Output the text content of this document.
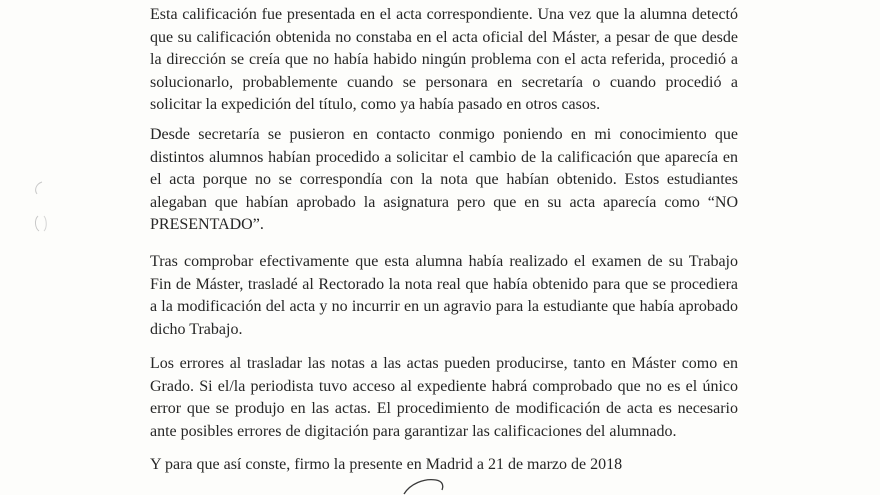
Esta calificación fue presentada en el acta correspondiente. Una vez que la alumna detectó que su calificación obtenida no constaba en el acta oficial del Máster, a pesar de que desde la dirección se creía que no había habido ningún problema con el acta referida, procedió a solucionarlo, probablemente cuando se personara en secretaría o cuando procedió a solicitar la expedición del título, como ya había pasado en otros casos.

Desde secretaría se pusieron en contacto conmigo poniendo en mi conocimiento que distintos alumnos habían procedido a solicitar el cambio de la calificación que aparecía en el acta porque no se correspondía con la nota que habían obtenido. Estos estudiantes alegaban que habían aprobado la asignatura pero que en su acta aparecía como “NO PRESENTADO”.

Tras comprobar efectivamente que esta alumna había realizado el examen de su Trabajo Fin de Máster, trasladé al Rectorado la nota real que había obtenido para que se procediera a la modificación del acta y no incurrir en un agravio para la estudiante que había aprobado dicho Trabajo.

Los errores al trasladar las notas a las actas pueden producirse, tanto en Máster como en Grado. Si el/la periodista tuvo acceso al expediente habrá comprobado que no es el único error que se produjo en las actas. El procedimiento de modificación de acta es necesario ante posibles errores de digitación para garantizar las calificaciones del alumnado.

Y para que así conste, firmo la presente en Madrid a 21 de marzo de 2018
